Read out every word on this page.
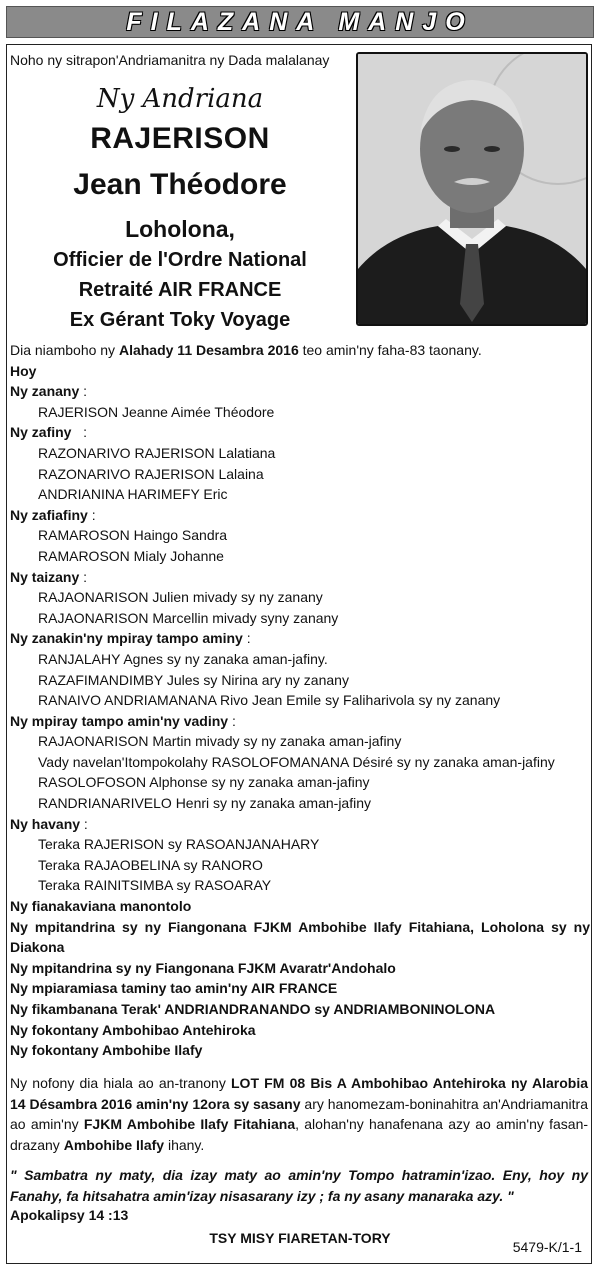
FILAZANA MANJO
Noho ny sitrapon'Andriamanitra ny Dada malalanay
Ny Andriana
RAJERISON
Jean Théodore
Loholona,
Officier de l'Ordre National
Retraité AIR FRANCE
Ex Gérant Toky Voyage
Dia niamboho ny Alahady 11 Desambra 2016 teo amin'ny faha-83 taonany.
Hoy
Ny zanany :
RAJERISON Jeanne Aimée Théodore
Ny zafiny   :
RAZONARIVO RAJERISON Lalatiana
RAZONARIVO RAJERISON Lalaina
ANDRIANINA HARIMEFY Eric
Ny zafiafiny :
RAMAROSON Haingo Sandra
RAMAROSON Mialy Johanne
Ny taizany :
RAJAONARISON Julien mivady sy ny zanany
RAJAONARISON Marcellin mivady syny zanany
Ny zanakin'ny mpiray tampo aminy :
RANJALAHY Agnes sy ny zanaka aman-jafiny.
RAZAFIMANDIMBY Jules sy Nirina ary ny zanany
RANAIVO ANDRIAMANANA Rivo Jean Emile sy Faliharivola sy ny zanany
Ny mpiray tampo amin'ny vadiny :
RAJAONARISON Martin mivady sy ny zanaka aman-jafiny
Vady navelan'Itompokolahy RASOLOFOMANANA Désiré sy ny zanaka aman-jafiny
RASOLOFOSON Alphonse sy ny zanaka aman-jafiny
RANDRIANARIVELO Henri sy ny zanaka aman-jafiny
Ny havany :
Teraka RAJERISON sy RASOANJANAHARY
Teraka RAJAOBELINA sy RANORO
Teraka RAINITSIMBA sy RASOARAY
Ny fianakaviana manontolo
Ny mpitandrina sy ny Fiangonana FJKM Ambohibe Ilafy Fitahiana, Loholona sy ny Diakona
Ny mpitandrina sy ny Fiangonana FJKM Avaratr'Andohalo
Ny mpiaramiasa taminy tao amin'ny AIR FRANCE
Ny fikambanana Terak' ANDRIANDRANANDO sy ANDRIAMBONINOLONA
Ny fokontany Ambohibao Antehiroka
Ny fokontany Ambohibe Ilafy
Ny nofony dia hiala ao an-tranony LOT FM 08 Bis A Ambohibao Antehiroka ny Alarobia 14 Désambra 2016 amin'ny 12ora sy sasany ary hanomezam-boninahitra an'Andriamanitra ao amin'ny FJKM Ambohibe Ilafy Fitahiana, alohan'ny hanafenana azy ao amin'ny fasan-drazany Ambohibe Ilafy ihany.
" Sambatra ny maty, dia izay maty ao amin'ny Tompo hatramin'izao. Eny, hoy ny Fanahy, fa hitsahatra amin'izay nisasarany izy ; fa ny asany manaraka azy. "
Apokalipsy 14 :13
TSY MISY FIARETAN-TORY
5479-K/1-1
